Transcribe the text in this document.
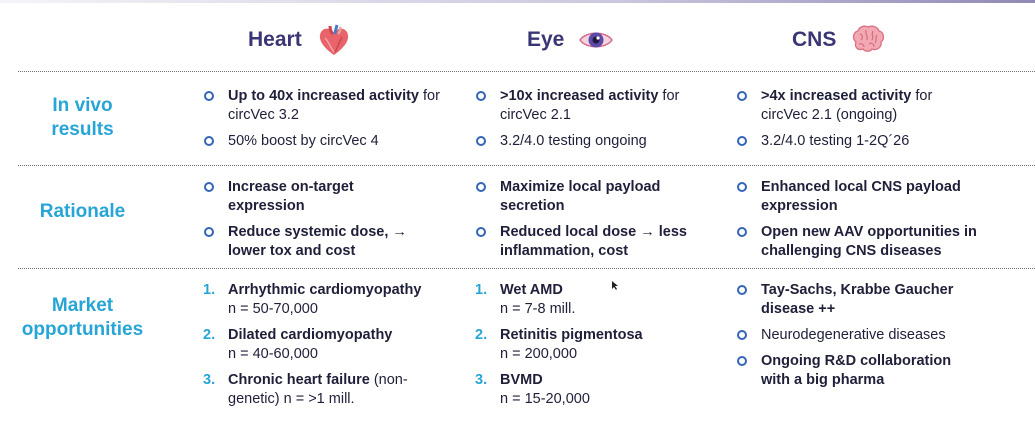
Heart	Eye	CNS
In vivo
results
Rationale
Market
opportunities
Up to 40x increased activity for circVec 3.2
50% boost by circVec 4
>10x increased activity for circVec 2.1
3.2/4.0 testing ongoing
>4x increased activity for circVec 2.1 (ongoing)
3.2/4.0 testing 1-2Q´26
Increase on-target expression
Reduce systemic dose, → lower tox and cost
Maximize local payload secretion
Reduced local dose → less inflammation, cost
Enhanced local CNS payload expression
Open new AAV opportunities in challenging CNS diseases
1. Arrhythmic cardiomyopathy
n = 50-70,000
2. Dilated cardiomyopathy
n = 40-60,000
3. Chronic heart failure (non-genetic) n = >1 mill.
1. Wet AMD
n = 7-8 mill.
2. Retinitis pigmentosa
n = 200,000
3. BVMD
n = 15-20,000
Tay-Sachs, Krabbe Gaucher disease ++
Neurodegenerative diseases
Ongoing R&D collaboration with a big pharma
